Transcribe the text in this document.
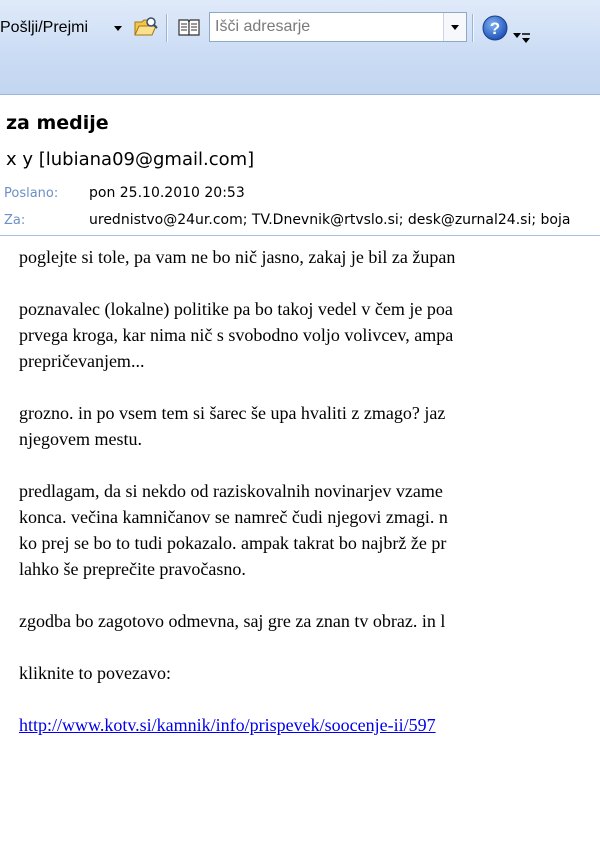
Pošlji/Prejmi
Išči adresarje	?
za medije
x y [lubiana09@gmail.com]
Poslano: pon 25.10.2010 20:53
Za:	urednistvo@24ur.com; TV.Dnevnik@rtvslo.si; desk@zurnal24.si; boja

poglejte si tole, pa vam ne bo nič jasno, zakaj je bil za župan

poznavalec (lokalne) politike pa bo takoj vedel v čem je poa

prvega kroga, kar nima nič s svobodno voljo volivcev, ampa

prepričevanjem...

grozno. in po vsem tem si šarec še upa hvaliti z zmago? jaz

njegovem mestu.

predlagam, da si nekdo od raziskovalnih novinarjev vzame

konca. večina kamničanov se namreč čudi njegovi zmagi. n

ko prej se bo to tudi pokazalo. ampak takrat bo najbrž že pr

lahko še preprečite pravočasno.

zgodba bo zagotovo odmevna, saj gre za znan tv obraz. in l

kliknite to povezavo:

http://www.kotv.si/kamnik/info/prispevek/soocenje-ii/597
